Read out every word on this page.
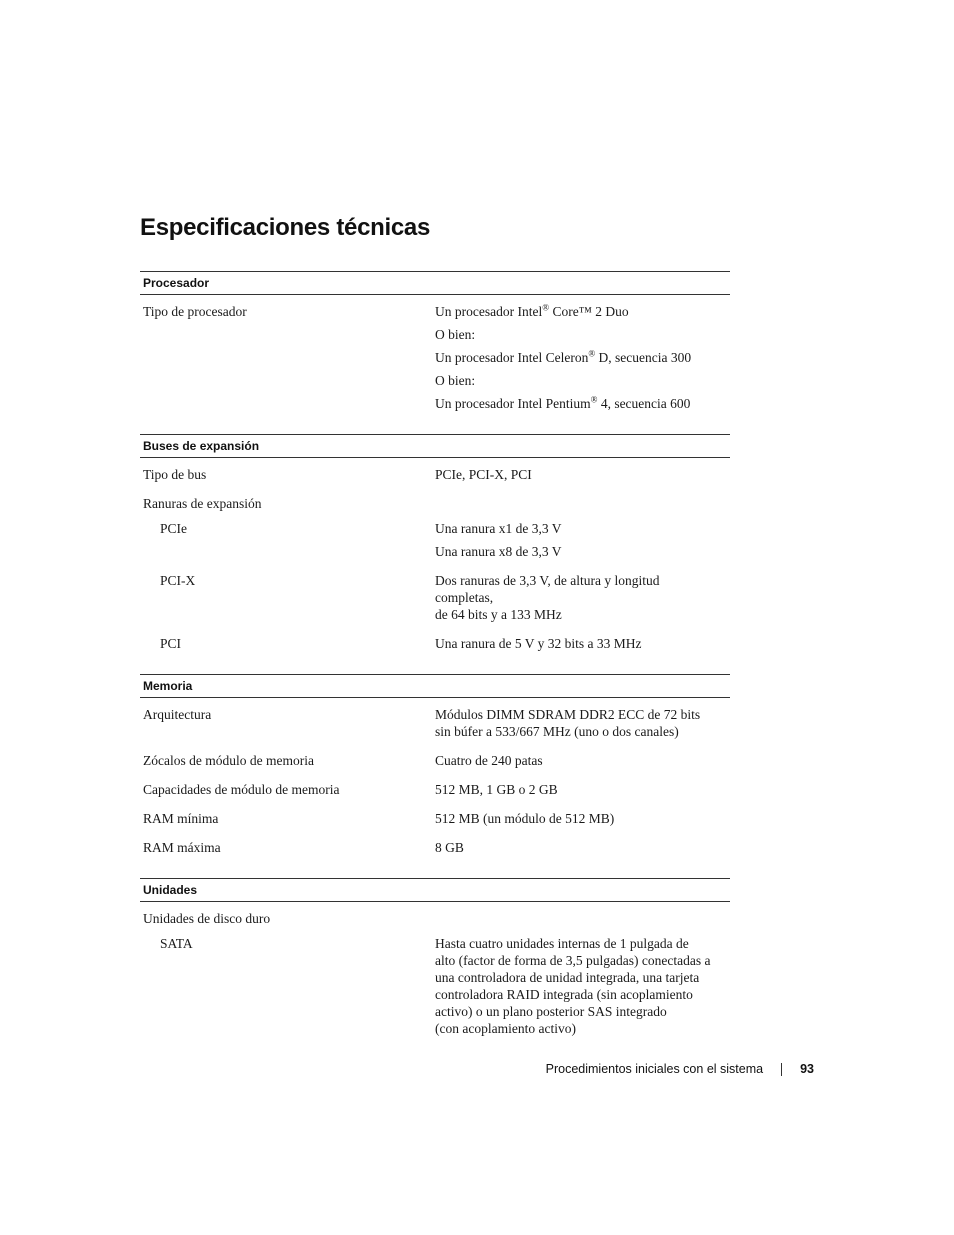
Especificaciones técnicas
Procesador
Tipo de procesador	Un procesador Intel® Core™ 2 Duo
O bien:
Un procesador Intel Celeron® D, secuencia 300
O bien:
Un procesador Intel Pentium® 4, secuencia 600
Buses de expansión
Tipo de bus	PCIe, PCI-X, PCI
Ranuras de expansión
PCIe	Una ranura x1 de 3,3 V
Una ranura x8 de 3,3 V
PCI-X	Dos ranuras de 3,3 V, de altura y longitud
completas,
de 64 bits y a 133 MHz
PCI	Una ranura de 5 V y 32 bits a 33 MHz
Memoria
Arquitectura	Módulos DIMM SDRAM DDR2 ECC de 72 bits
sin búfer a 533/667 MHz (uno o dos canales)
Zócalos de módulo de memoria	Cuatro de 240 patas
Capacidades de módulo de memoria	512 MB, 1 GB o 2 GB
RAM mínima	512 MB (un módulo de 512 MB)
RAM máxima	8 GB
Unidades
Unidades de disco duro
SATA	Hasta cuatro unidades internas de 1 pulgada de
alto (factor de forma de 3,5 pulgadas) conectadas a
una controladora de unidad integrada, una tarjeta
controladora RAID integrada (sin acoplamiento
activo) o un plano posterior SAS integrado
(con acoplamiento activo)
Procedimientos iniciales con el sistema	93
